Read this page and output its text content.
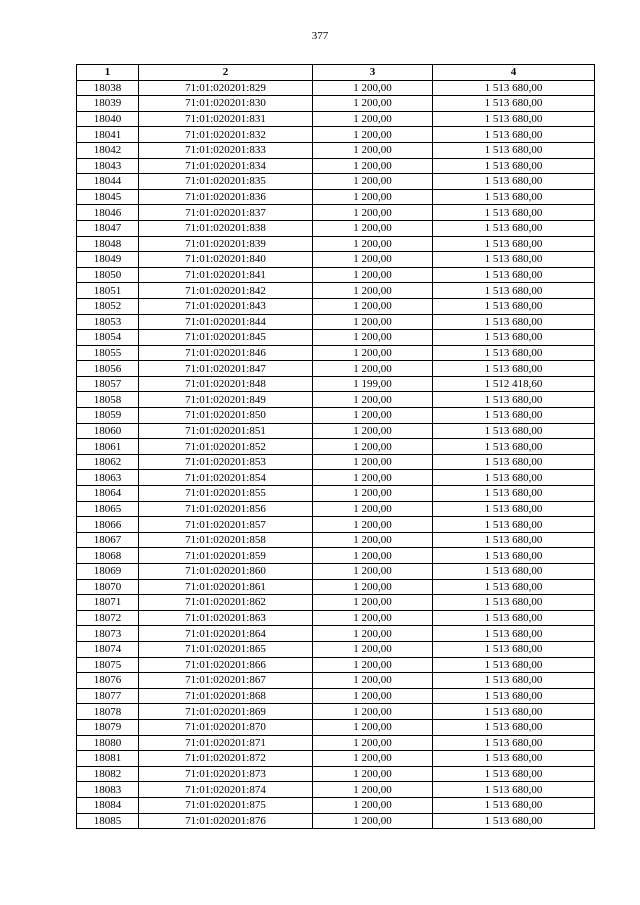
377
1	2	3	4
18038	71:01:020201:829	1 200,00	1 513 680,00
18039	71:01:020201:830	1 200,00	1 513 680,00
18040	71:01:020201:831	1 200,00	1 513 680,00
18041	71:01:020201:832	1 200,00	1 513 680,00
18042	71:01:020201:833	1 200,00	1 513 680,00
18043	71:01:020201:834	1 200,00	1 513 680,00
18044	71:01:020201:835	1 200,00	1 513 680,00
18045	71:01:020201:836	1 200,00	1 513 680,00
18046	71:01:020201:837	1 200,00	1 513 680,00
18047	71:01:020201:838	1 200,00	1 513 680,00
18048	71:01:020201:839	1 200,00	1 513 680,00
18049	71:01:020201:840	1 200,00	1 513 680,00
18050	71:01:020201:841	1 200,00	1 513 680,00
18051	71:01:020201:842	1 200,00	1 513 680,00
18052	71:01:020201:843	1 200,00	1 513 680,00
18053	71:01:020201:844	1 200,00	1 513 680,00
18054	71:01:020201:845	1 200,00	1 513 680,00
18055	71:01:020201:846	1 200,00	1 513 680,00
18056	71:01:020201:847	1 200,00	1 513 680,00
18057	71:01:020201:848	1 199,00	1 512 418,60
18058	71:01:020201:849	1 200,00	1 513 680,00
18059	71:01:020201:850	1 200,00	1 513 680,00
18060	71:01:020201:851	1 200,00	1 513 680,00
18061	71:01:020201:852	1 200,00	1 513 680,00
18062	71:01:020201:853	1 200,00	1 513 680,00
18063	71:01:020201:854	1 200,00	1 513 680,00
18064	71:01:020201:855	1 200,00	1 513 680,00
18065	71:01:020201:856	1 200,00	1 513 680,00
18066	71:01:020201:857	1 200,00	1 513 680,00
18067	71:01:020201:858	1 200,00	1 513 680,00
18068	71:01:020201:859	1 200,00	1 513 680,00
18069	71:01:020201:860	1 200,00	1 513 680,00
18070	71:01:020201:861	1 200,00	1 513 680,00
18071	71:01:020201:862	1 200,00	1 513 680,00
18072	71:01:020201:863	1 200,00	1 513 680,00
18073	71:01:020201:864	1 200,00	1 513 680,00
18074	71:01:020201:865	1 200,00	1 513 680,00
18075	71:01:020201:866	1 200,00	1 513 680,00
18076	71:01:020201:867	1 200,00	1 513 680,00
18077	71:01:020201:868	1 200,00	1 513 680,00
18078	71:01:020201:869	1 200,00	1 513 680,00
18079	71:01:020201:870	1 200,00	1 513 680,00
18080	71:01:020201:871	1 200,00	1 513 680,00
18081	71:01:020201:872	1 200,00	1 513 680,00
18082	71:01:020201:873	1 200,00	1 513 680,00
18083	71:01:020201:874	1 200,00	1 513 680,00
18084	71:01:020201:875	1 200,00	1 513 680,00
18085	71:01:020201:876	1 200,00	1 513 680,00
